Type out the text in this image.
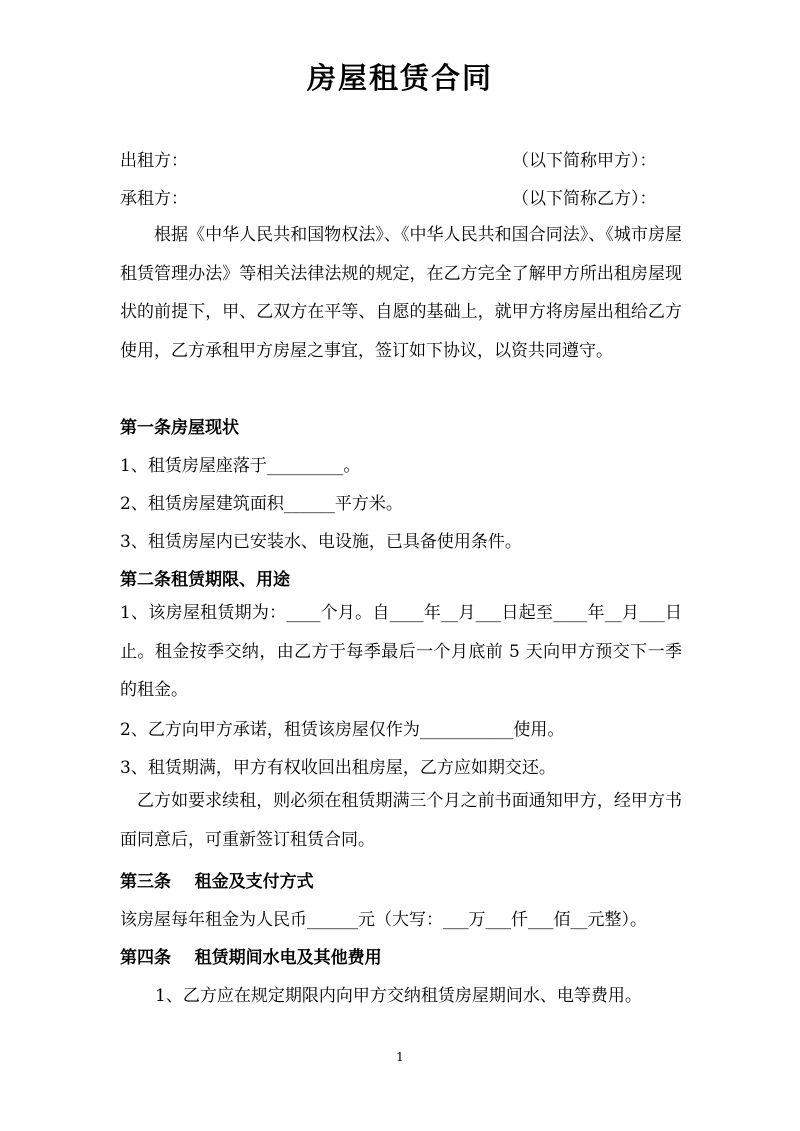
房屋租赁合同
出租方：	（以下简称甲方）：
承租方：	（以下简称乙方）：

根据《中华人民共和国物权法》、《中华人民共和国合同法》、《城市房屋租赁管理办法》等相关法律法规的规定，在乙方完全了解甲方所出租房屋现状的前提下，甲、乙双方在平等、自愿的基础上，就甲方将房屋出租给乙方使用，乙方承租甲方房屋之事宜，签订如下协议，以资共同遵守。

第一条房屋现状

1、租赁房屋座落于_________。

2、租赁房屋建筑面积______平方米。

3、租赁房屋内已安装水、电设施，已具备使用条件。

第二条租赁期限、用途

1、该房屋租赁期为：____个月。自____年__月___日起至____年__月___日止。租金按季交纳，由乙方于每季最后一个月底前 5 天向甲方预交下一季的租金。

2、乙方向甲方承诺，租赁该房屋仅作为___________使用。

3、租赁期满，甲方有权收回出租房屋，乙方应如期交还。

乙方如要求续租，则必须在租赁期满三个月之前书面通知甲方，经甲方书面同意后，可重新签订租赁合同。

第三条    租金及支付方式

该房屋每年租金为人民币______元（大写：___万___仟___佰__元整）。

第四条    租赁期间水电及其他费用

1、乙方应在规定期限内向甲方交纳租赁房屋期间水、电等费用。

1
